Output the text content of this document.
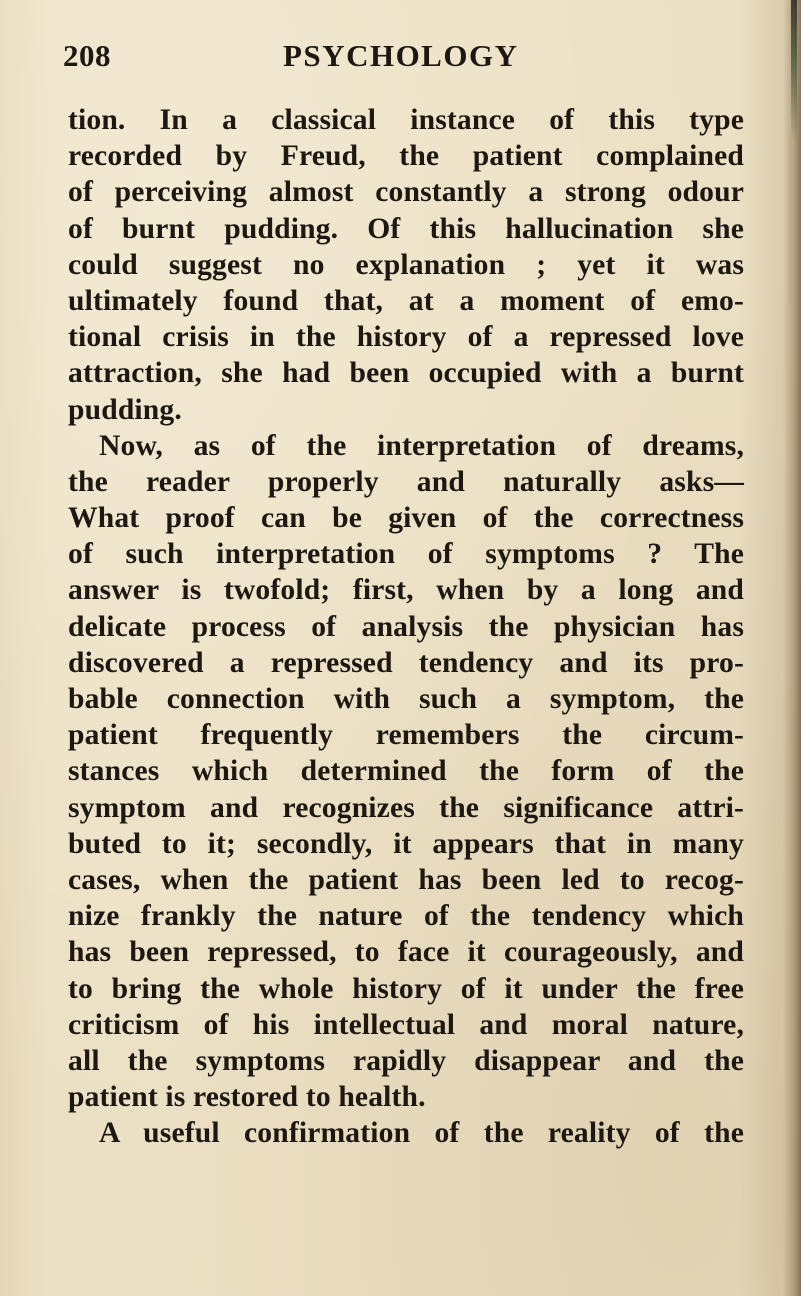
208	PSYCHOLOGY
tion. In a classical instance of this type
recorded by Freud, the patient complained
of perceiving almost constantly a strong odour
of burnt pudding. Of this hallucination she
could suggest no explanation ; yet it was
ultimately found that, at a moment of emo-
tional crisis in the history of a repressed love
attraction, she had been occupied with a burnt
pudding.
Now, as of the interpretation of dreams,
the reader properly and naturally asks—
What proof can be given of the correctness
of such interpretation of symptoms ? The
answer is twofold; first, when by a long and
delicate process of analysis the physician has
discovered a repressed tendency and its pro-
bable connection with such a symptom, the
patient frequently remembers the circum-
stances which determined the form of the
symptom and recognizes the significance attri-
buted to it; secondly, it appears that in many
cases, when the patient has been led to recog-
nize frankly the nature of the tendency which
has been repressed, to face it courageously, and
to bring the whole history of it under the free
criticism of his intellectual and moral nature,
all the symptoms rapidly disappear and the
patient is restored to health.
A useful confirmation of the reality of the
